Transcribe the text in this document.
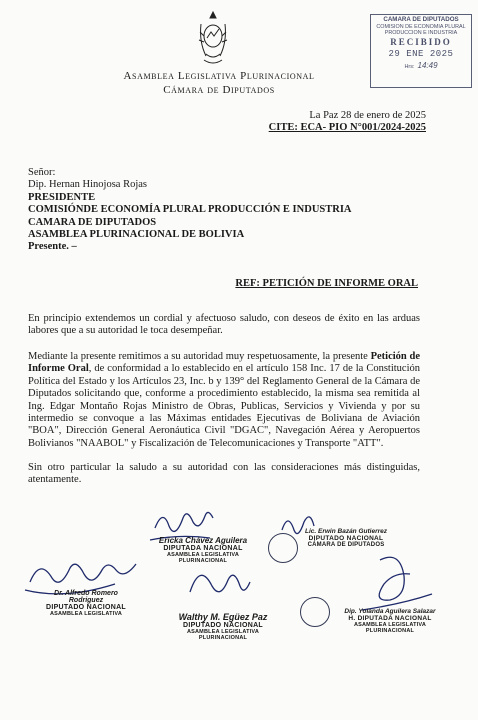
Asamblea Legislativa Plurinacional
Cámara de Diputados
CAMARA DE DIPUTADOS
COMISION DE ECONOMIA PLURAL
PRODUCCION E INDUSTRIA
RECIBIDO
29 ENE 2025
Hrs: 14:49
La Paz 28 de enero de 2025
CITE: ECA- PIO N°001/2024-2025
Señor:
Dip. Hernan Hinojosa Rojas
PRESIDENTE
COMISIÓNDE ECONOMÍA PLURAL PRODUCCIÓN E INDUSTRIA
CAMARA DE DIPUTADOS
ASAMBLEA PLURINACIONAL DE BOLIVIA
Presente. –
REF: PETICIÓN DE INFORME ORAL

En principio extendemos un cordial y afectuoso saludo, con deseos de éxito en las arduas labores que a su autoridad le toca desempeñar.

Mediante la presente remitimos a su autoridad muy respetuosamente, la presente Petición de Informe Oral, de conformidad a lo establecido en el artículo 158 Inc. 17 de la Constitución Política del Estado y los Artículos 23, Inc. b y 139° del Reglamento General de la Cámara de Diputados solicitando que, conforme a procedimiento establecido, la misma sea remitida al Ing. Edgar Montaño Rojas Ministro de Obras, Publicas, Servicios y Vivienda y por su intermedio se convoque a las Máximas entidades Ejecutivas de Boliviana de Aviación "BOA", Dirección General Aeronáutica Civil "DGAC", Navegación Aérea y Aeropuertos Bolivianos "NAABOL" y Fiscalización de Telecomunicaciones y Transporte "ATT".

Sin otro particular la saludo a su autoridad con las consideraciones más distinguidas, atentamente.

Ericka Chávez Aguilera
DIPUTADA NACIONAL
ASAMBLEA LEGISLATIVA PLURINACIONAL
Lic. Erwin Bazán Gutierrez
DIPUTADO NACIONAL
CÁMARA DE DIPUTADOS
Dr. Alfredo Romero Rodriguez
DIPUTADO NACIONAL
ASAMBLEA LEGISLATIVA	Walthy M. Egüez Paz
DIPUTADO NACIONAL
ASAMBLEA LEGISLATIVA PLURINACIONAL
Dip. Yolanda Aguilera Salazar
H. DIPUTADA NACIONAL
ASAMBLEA LEGISLATIVA PLURINACIONAL
